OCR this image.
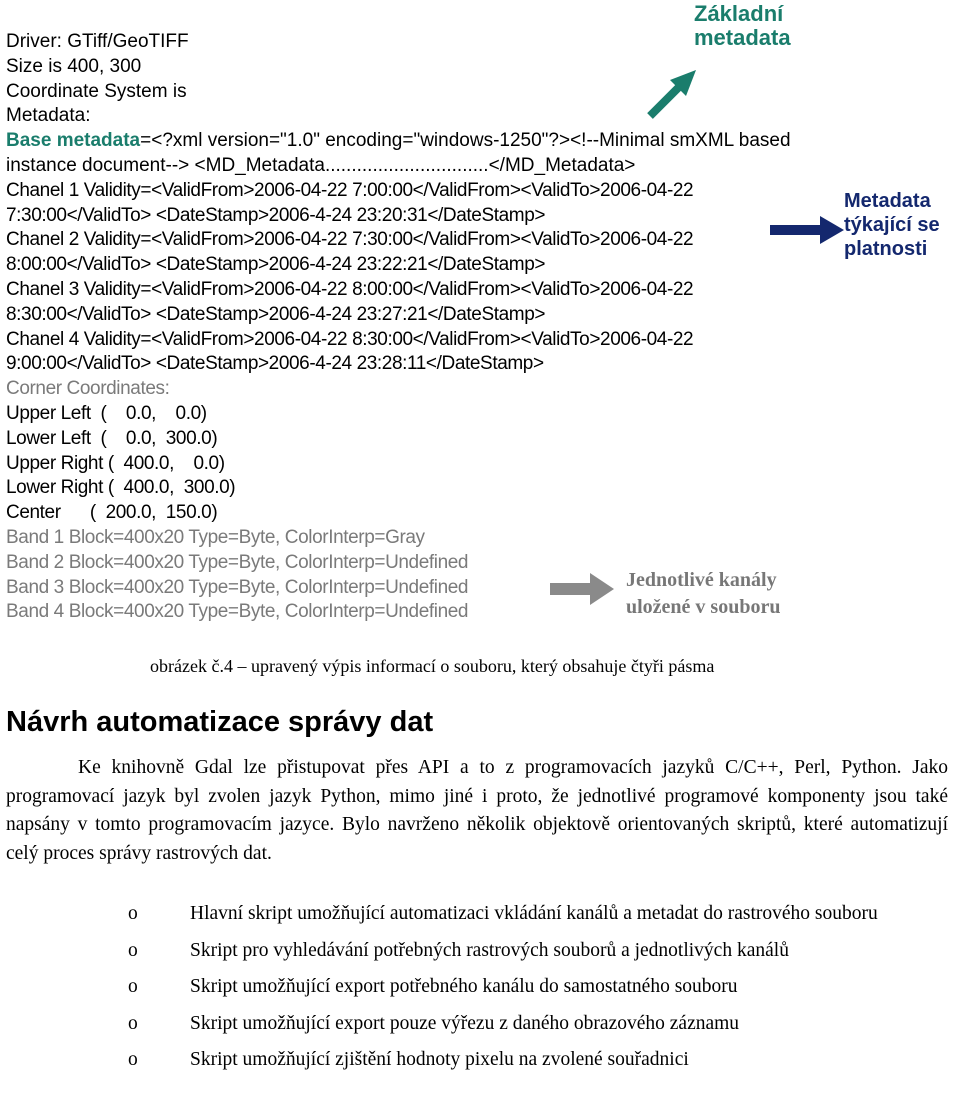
Driver: GTiff/GeoTIFF
Size is 400, 300
Coordinate System is
Metadata:
Base metadata=<?xml version="1.0" encoding="windows-1250"?><!--Minimal smXML based
instance document--> <MD_Metadata...............................</MD_Metadata>
Chanel 1 Validity=<ValidFrom>2006-04-22 7:00:00</ValidFrom><ValidTo>2006-04-22
7:30:00</ValidTo> <DateStamp>2006-4-24 23:20:31</DateStamp>
Chanel 2 Validity=<ValidFrom>2006-04-22 7:30:00</ValidFrom><ValidTo>2006-04-22
8:00:00</ValidTo> <DateStamp>2006-4-24 23:22:21</DateStamp>
Chanel 3 Validity=<ValidFrom>2006-04-22 8:00:00</ValidFrom><ValidTo>2006-04-22
8:30:00</ValidTo> <DateStamp>2006-4-24 23:27:21</DateStamp>
Chanel 4 Validity=<ValidFrom>2006-04-22 8:30:00</ValidFrom><ValidTo>2006-04-22
9:00:00</ValidTo> <DateStamp>2006-4-24 23:28:11</DateStamp>
Corner Coordinates:
Upper Left  (    0.0,    0.0)
Lower Left  (    0.0,  300.0)
Upper Right (  400.0,    0.0)
Lower Right (  400.0,  300.0)
Center      (  200.0,  150.0)
Band 1 Block=400x20 Type=Byte, ColorInterp=Gray
Band 2 Block=400x20 Type=Byte, ColorInterp=Undefined
Band 3 Block=400x20 Type=Byte, ColorInterp=Undefined
Band 4 Block=400x20 Type=Byte, ColorInterp=Undefined
Základní
metadata
Metadata
týkající se
platnosti
Jednotlivé kanály
uložené v souboru
obrázek č.4 – upravený výpis informací o souboru, který obsahuje čtyři pásma
Návrh automatizace správy dat
Ke knihovně Gdal lze přistupovat přes API a to z programovacích jazyků C/C++, Perl, Python. Jako programovací jazyk byl zvolen jazyk Python, mimo jiné i proto, že jednotlivé programové komponenty jsou také napsány v tomto programovacím jazyce. Bylo navrženo několik objektově orientovaných skriptů, které automatizují celý proces správy rastrových dat.
o	Hlavní skript umožňující automatizaci vkládání kanálů a metadat do rastrového souboru
o	Skript pro vyhledávání potřebných rastrových souborů a jednotlivých kanálů
o	Skript umožňující export potřebného kanálu do samostatného souboru
o	Skript umožňující export pouze výřezu z daného obrazového záznamu
o	Skript umožňující zjištění hodnoty pixelu na zvolené souřadnici
